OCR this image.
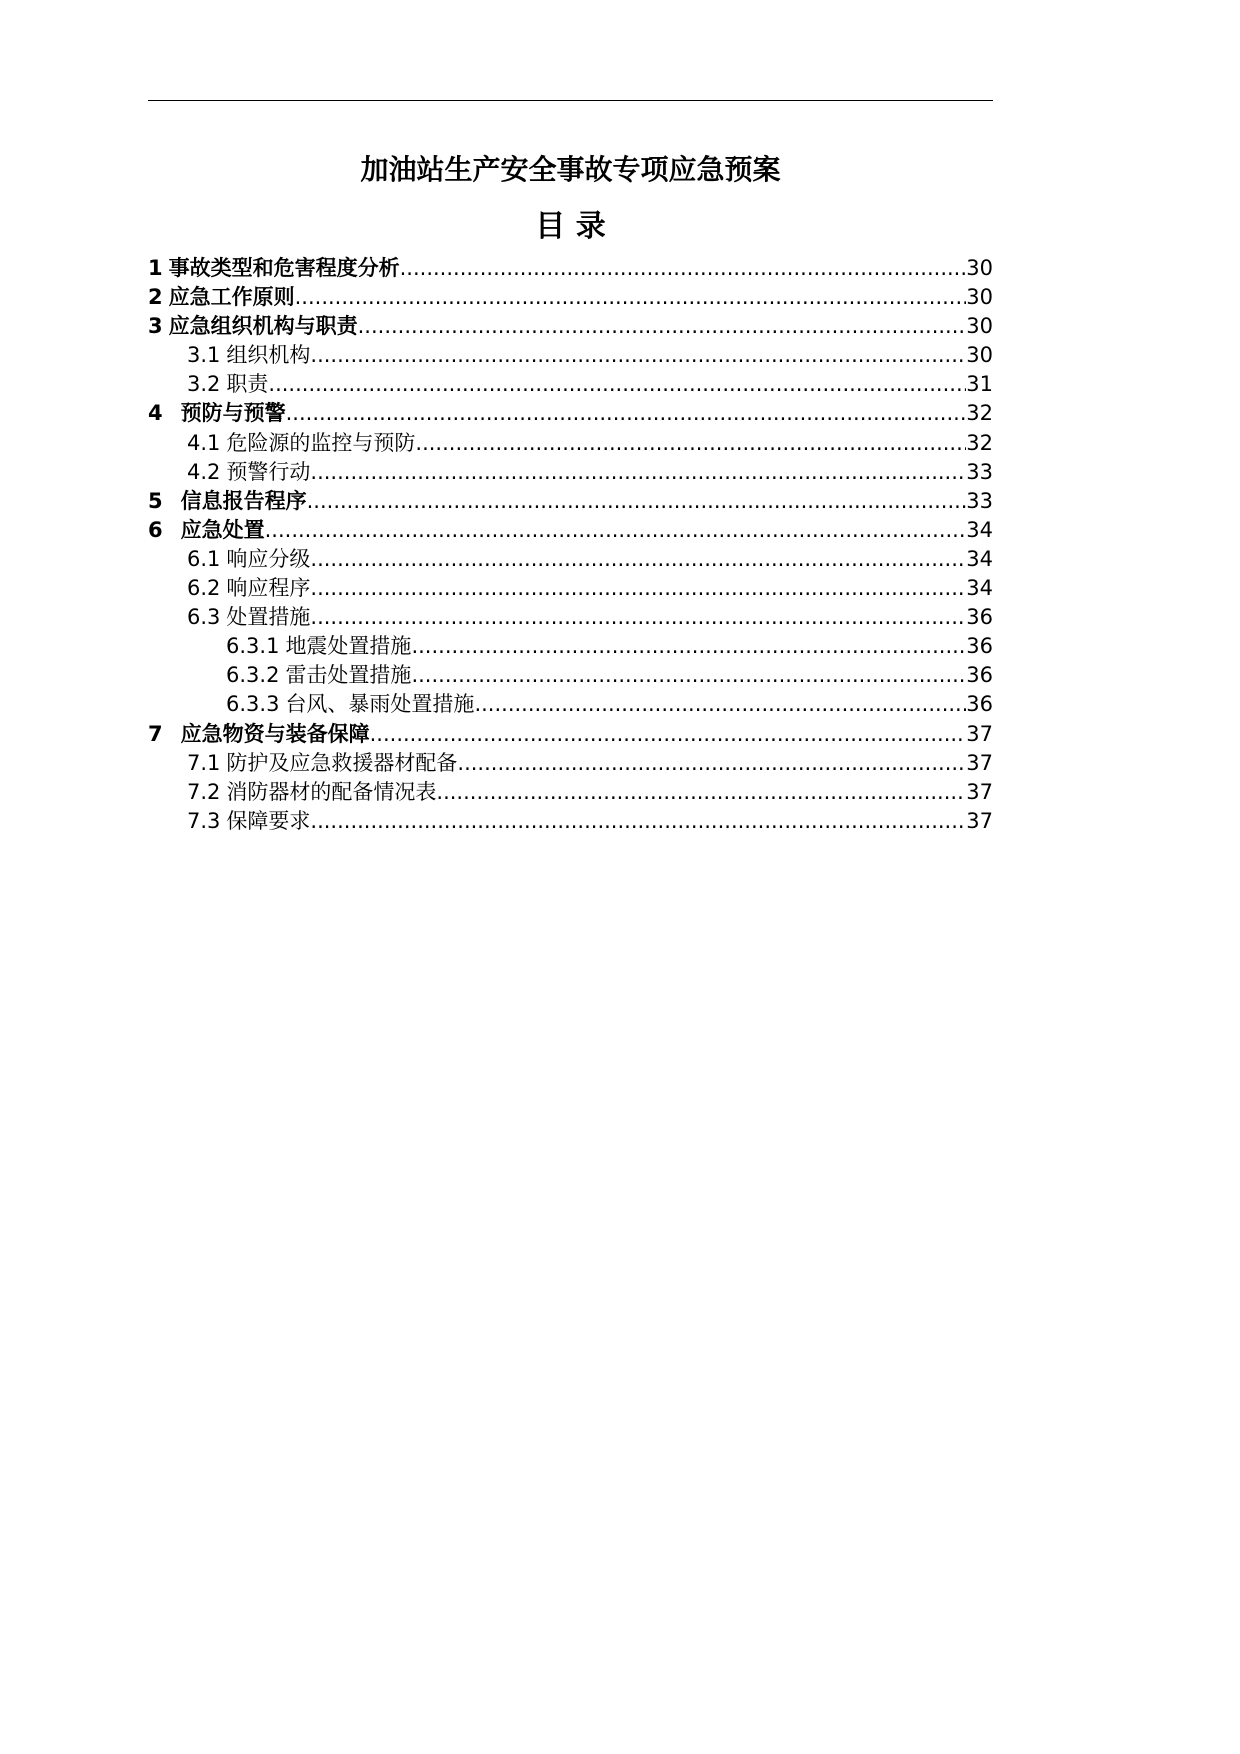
加油站生产安全事故专项应急预案
目 录
1 事故类型和危害程度分析 .....	30
2 应急工作原则 .....	30
3 应急组织机构与职责 .....	30
3.1 组织机构 .....	30
3.2 职责 .....	31
4 预防与预警 .....	32
4.1 危险源的监控与预防 .....	32
4.2 预警行动 .....	33
5 信息报告程序 .....	33
6 应急处置 .....	34
6.1 响应分级 .....	34
6.2 响应程序 .....	34
6.3 处置措施 .....	36
6.3.1 地震处置措施 .....	36
6.3.2 雷击处置措施 .....	36
6.3.3 台风、暴雨处置措施 .....	36
7 应急物资与装备保障 .....	37
7.1 防护及应急救援器材配备 .....	37
7.2 消防器材的配备情况表 .....	37
7.3 保障要求 .....	37
